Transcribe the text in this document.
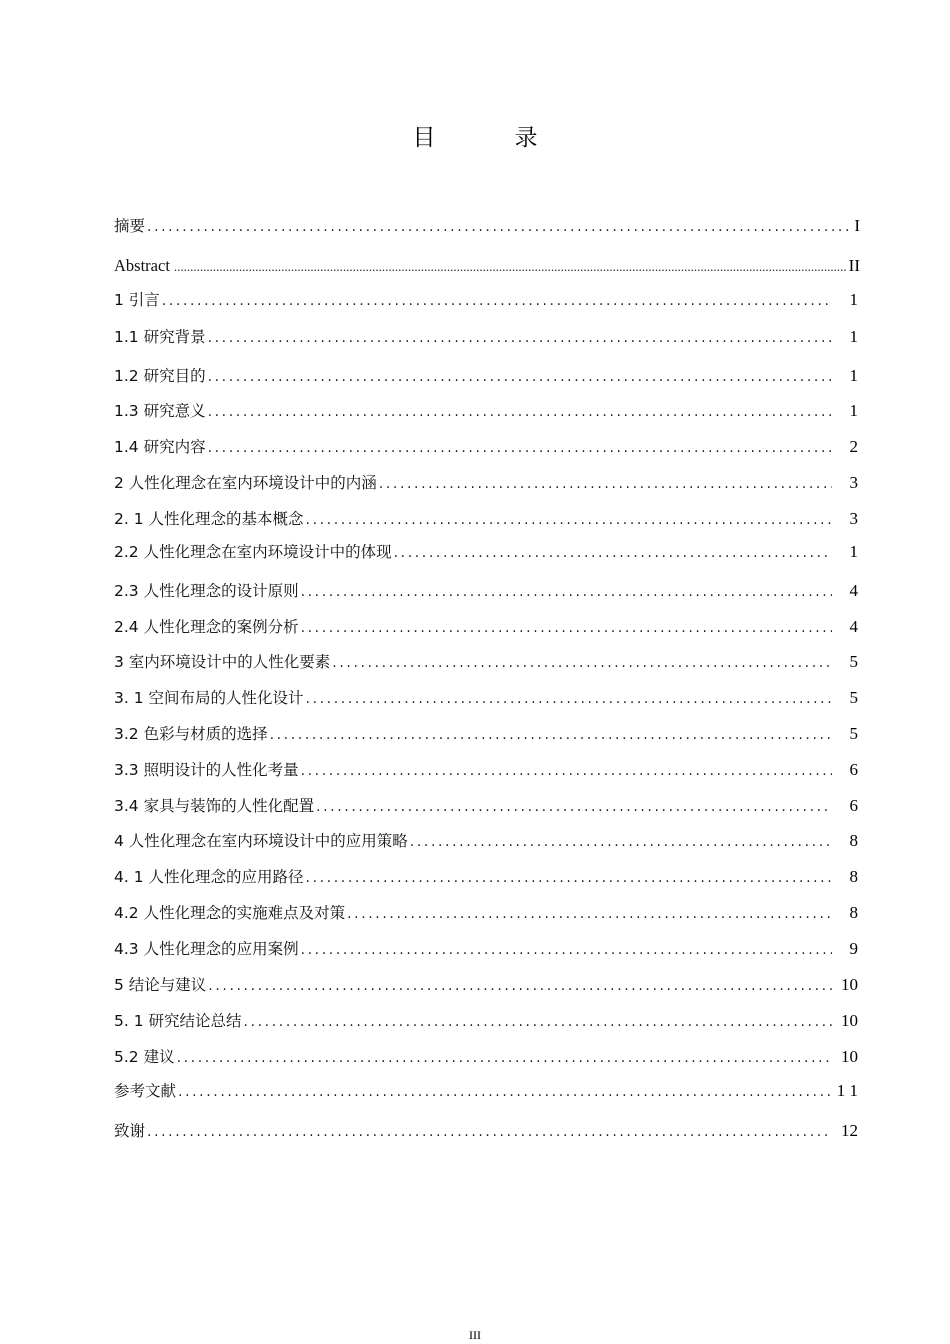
目　录
摘要 .....	I
Abstract .....	II
1 引言 .....	1
1.1 研究背景 .....	1
1.2 研究目的 .....	1
1.3 研究意义 .....	1
1.4 研究内容 .....	2
2 人性化理念在室内环境设计中的内涵 .....	3
2. 1 人性化理念的基本概念 .....	3
2.2 人性化理念在室内环境设计中的体现 .....	1
2.3 人性化理念的设计原则 .....	4
2.4 人性化理念的案例分析 .....	4
3 室内环境设计中的人性化要素 .....	5
3. 1 空间布局的人性化设计 .....	5
3.2 色彩与材质的选择 .....	5
3.3 照明设计的人性化考量 .....	6
3.4 家具与装饰的人性化配置 .....	6
4 人性化理念在室内环境设计中的应用策略 .....	8
4. 1 人性化理念的应用路径 .....	8
4.2 人性化理念的实施难点及对策 .....	8
4.3 人性化理念的应用案例 .....	9
5 结论与建议 .....	10
5. 1 研究结论总结 .....	10
5.2 建议 .....	10
参考文献 .....	1 1
致谢 .....	12
III
